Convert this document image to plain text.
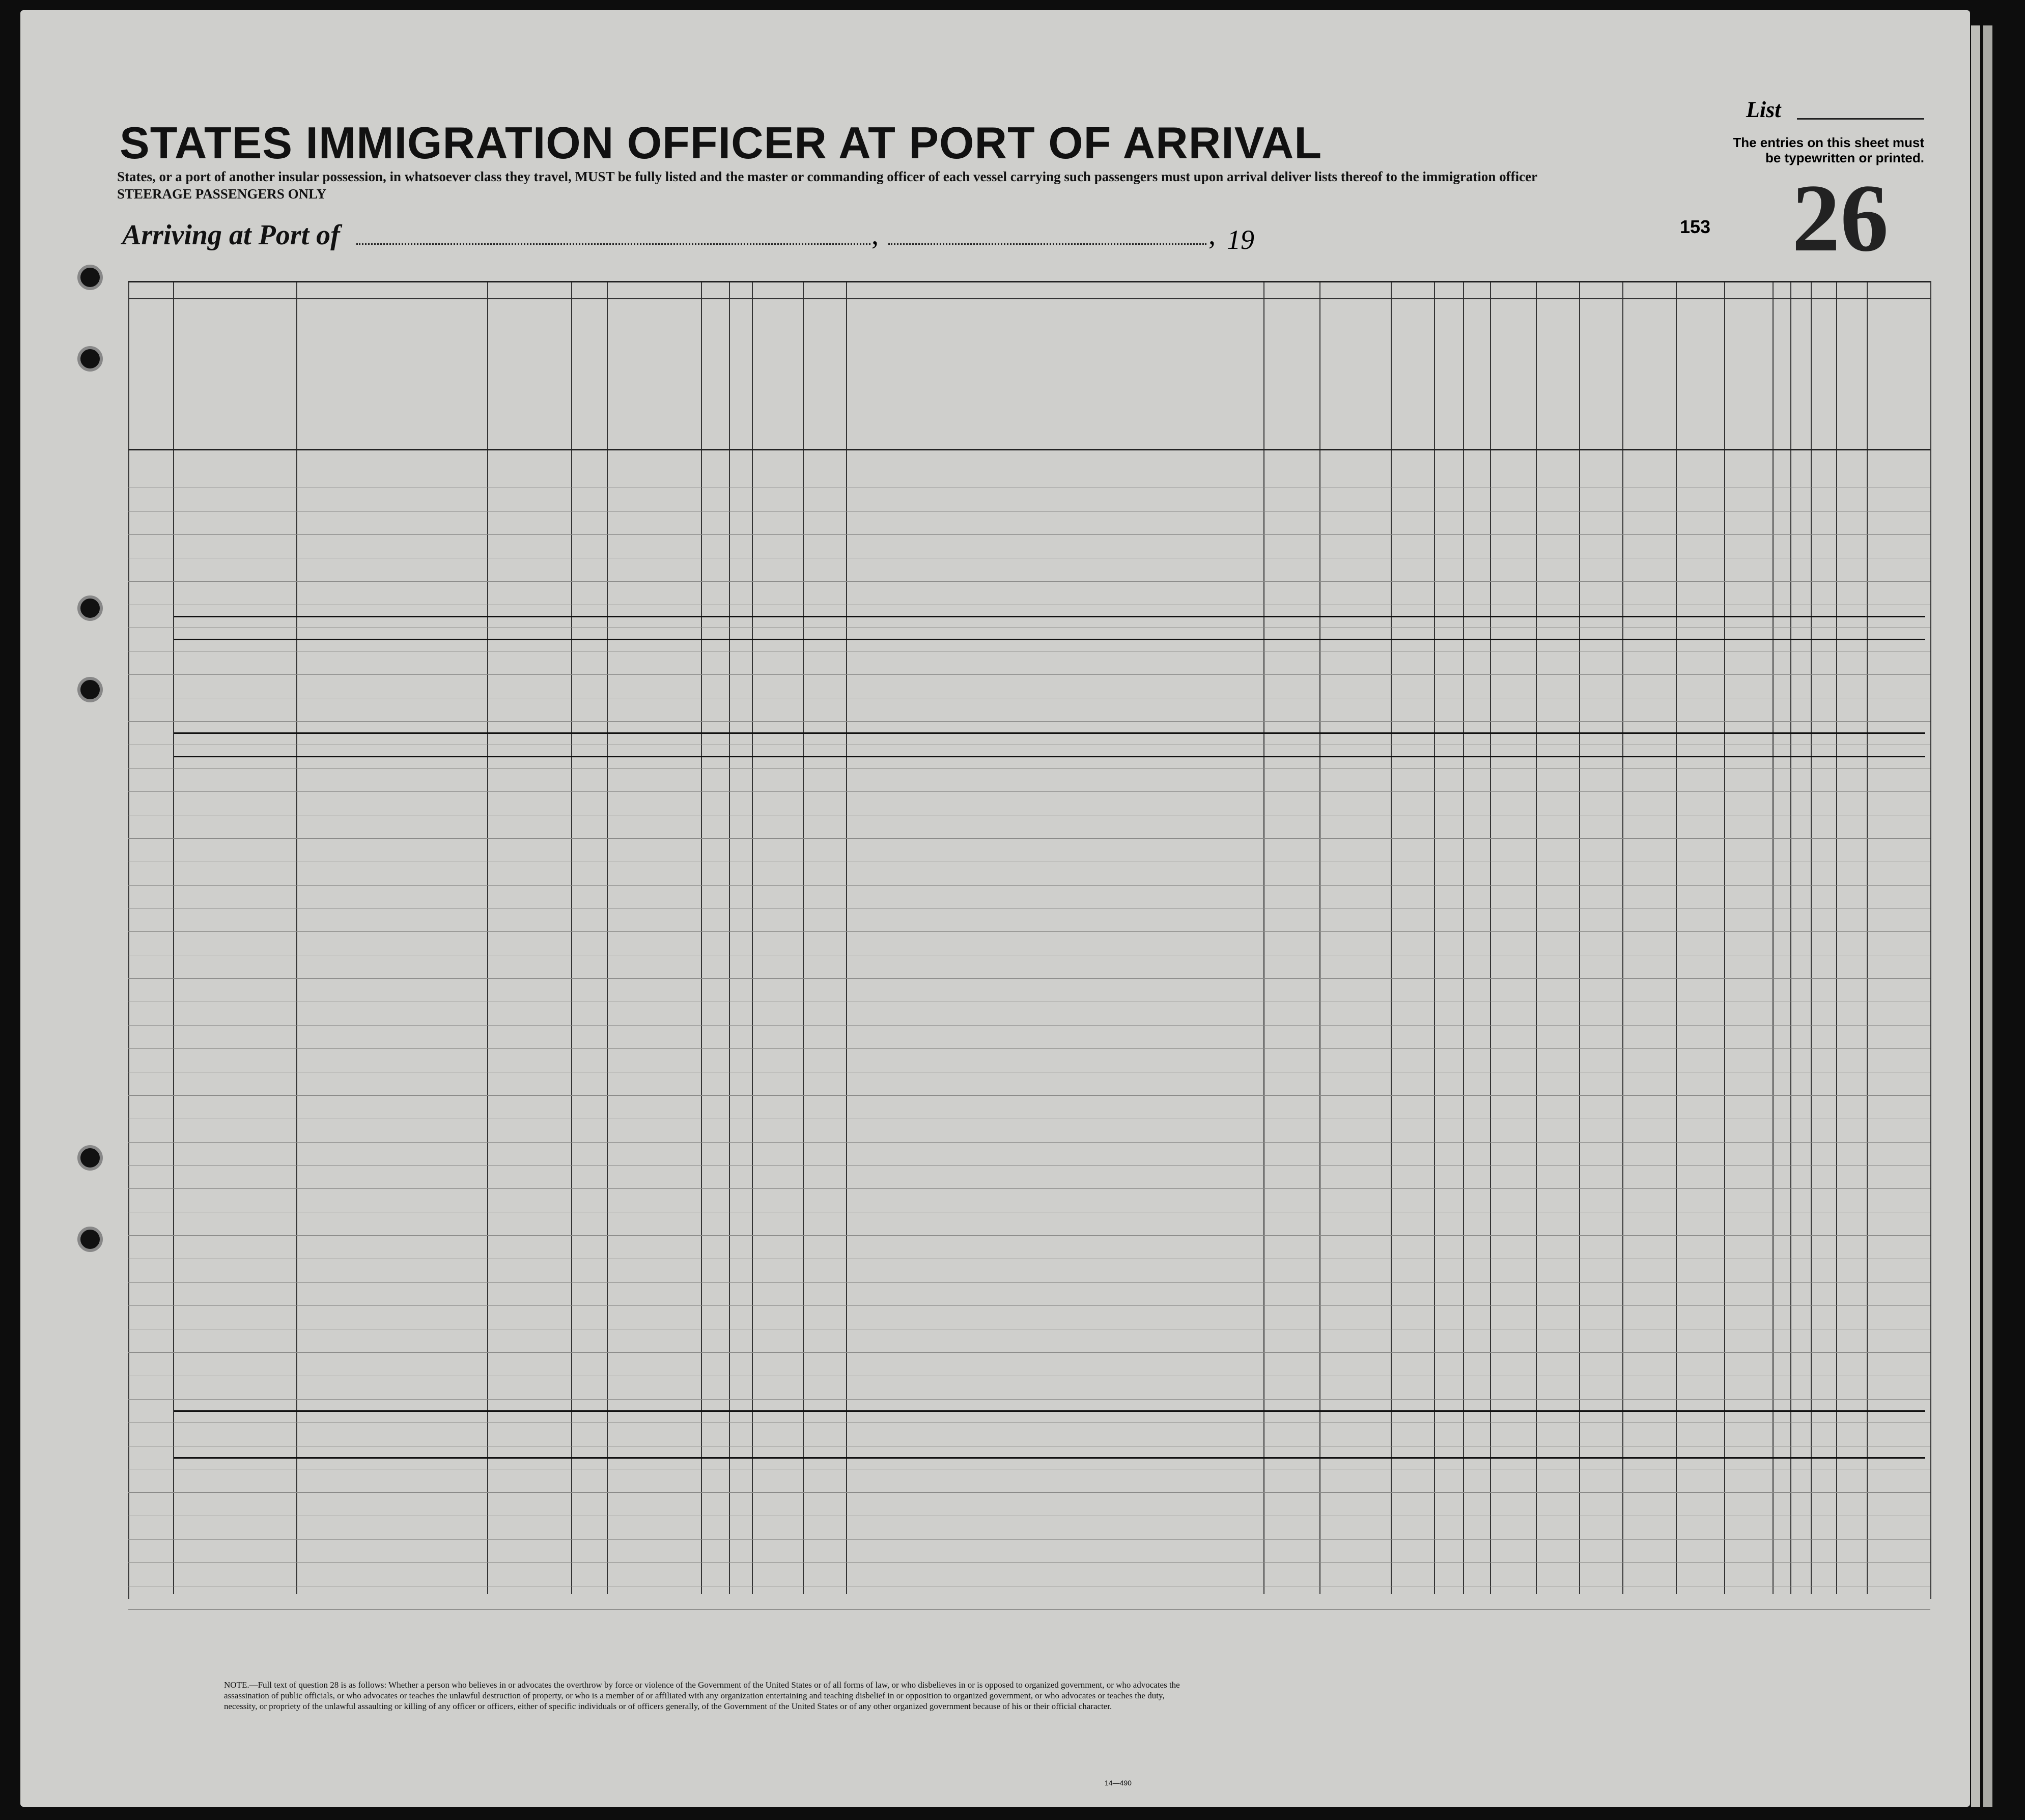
STATES IMMIGRATION OFFICER AT PORT OF ARRIVAL
States, or a port of another insular possession, in whatsoever class they travel, MUST be fully listed and the master or commanding officer of each vessel carrying such passengers must upon arrival deliver lists thereof to the immigration officer
STEERAGE PASSENGERS ONLY
Arriving at Port of	,	, 19
List
The entries on this sheet must
be typewritten or printed.
26
153
NOTE.—Full text of question 28 is as follows: Whether a person who believes in or advocates the overthrow by force or violence of the Government of the United States or of all forms of law, or who disbelieves in or is opposed to organized government, or who advocates the assassination of public officials, or who advocates or teaches the unlawful destruction of property, or who is a member of or affiliated with any organization entertaining and teaching disbelief in or opposition to organized government, or who advocates or teaches the duty, necessity, or propriety of the unlawful assaulting or killing of any officer or officers, either of specific individuals or of officers generally, of the Government of the United States or of any other organized government because of his or their official character.
14—490
